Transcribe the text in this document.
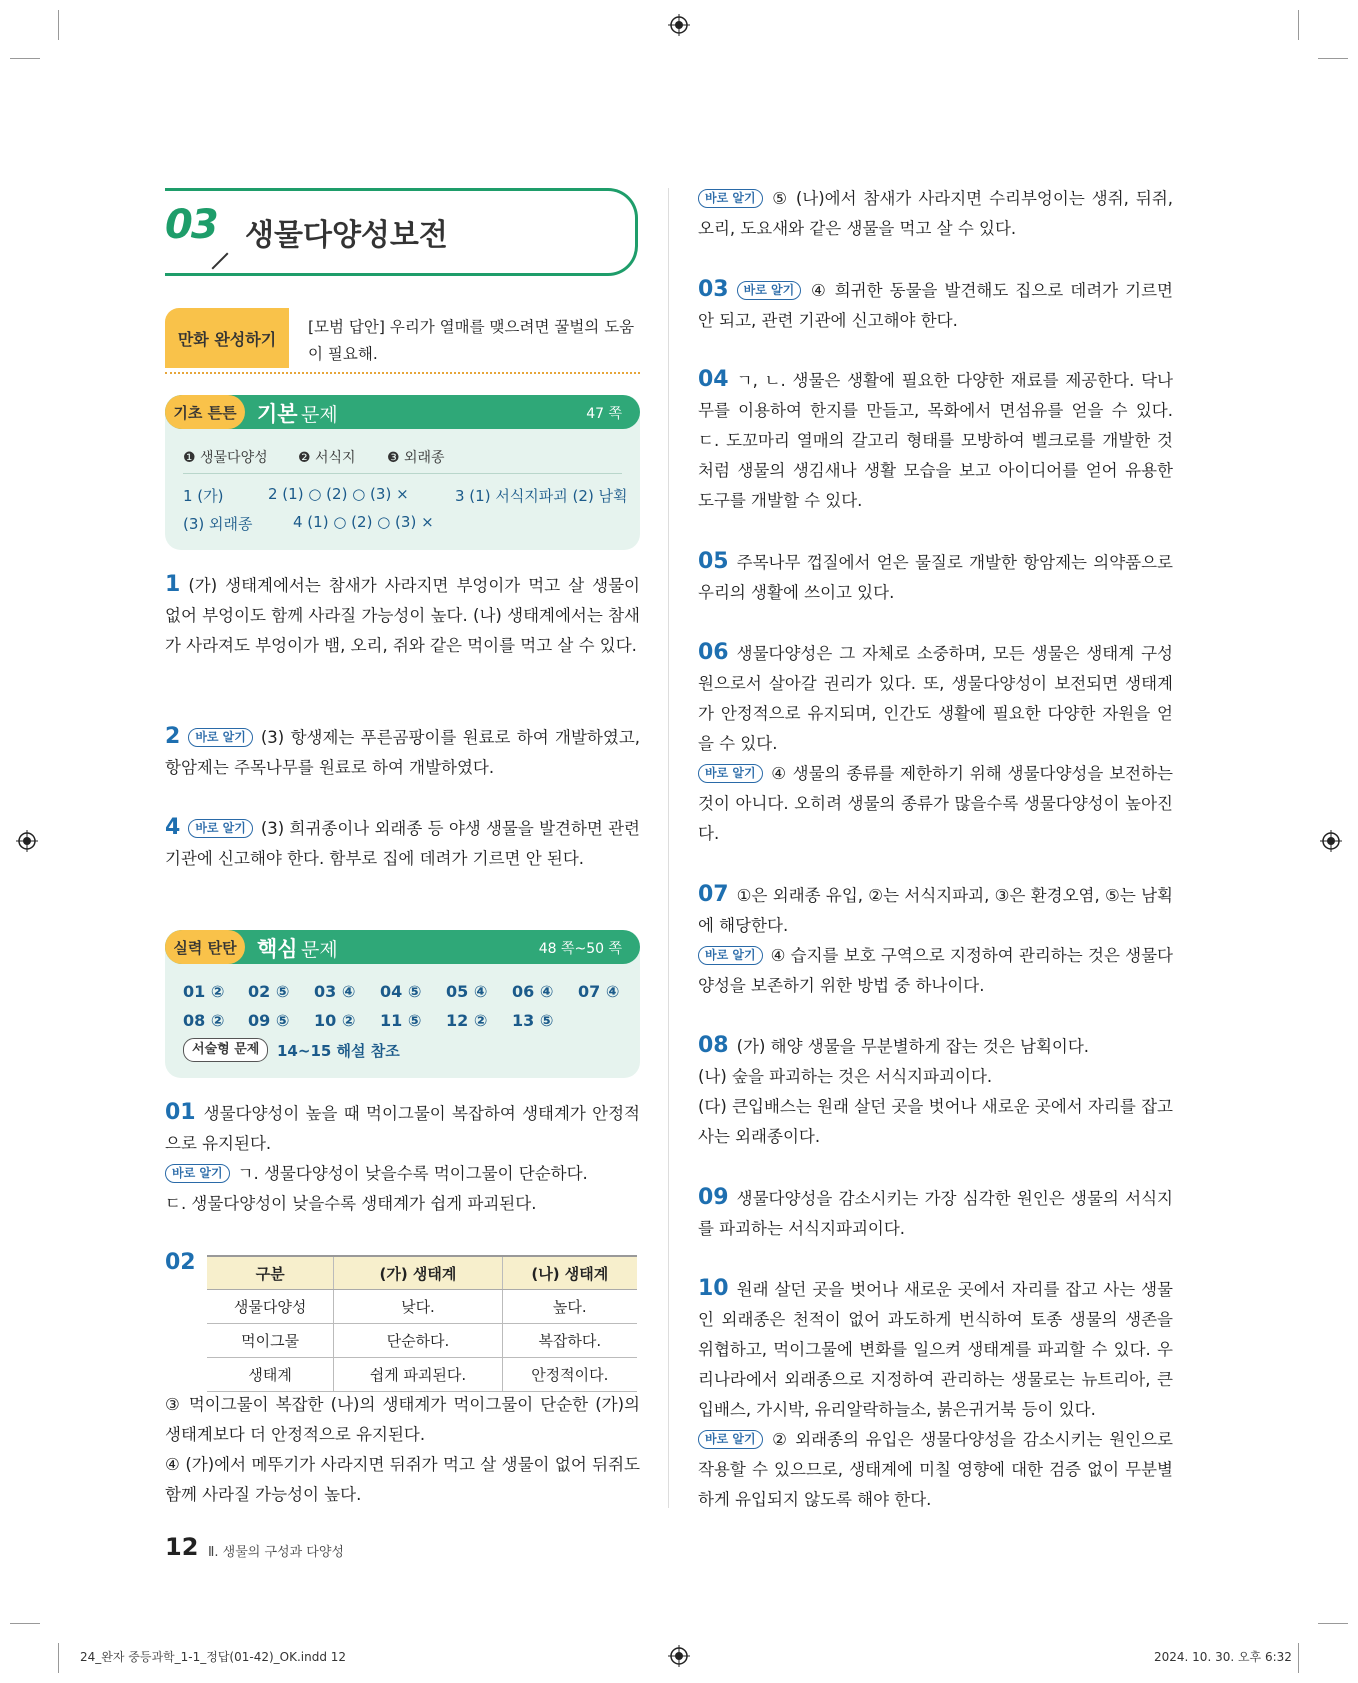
03 생물다양성보전
만화 완성하기
[모범 답안] 우리가 열매를 맺으려면 꿀벌의 도움이 필요해.
기초 튼튼 기본 문제	47 쪽
❶ 생물다양성 ❷ 서식지 ❸ 외래종
1 (가)	2 (1) ○ (2) ○ (3) ×	3 (1) 서식지파괴 (2) 남획
(3) 외래종	4 (1) ○ (2) ○ (3) ×
1 (가) 생태계에서는 참새가 사라지면 부엉이가 먹고 살 생물이 없어 부엉이도 함께 사라질 가능성이 높다. (나) 생태계에서는 참새가 사라져도 부엉이가 뱀, 오리, 쥐와 같은 먹이를 먹고 살 수 있다.
2 바로 알기 (3) 항생제는 푸른곰팡이를 원료로 하여 개발하였고, 항암제는 주목나무를 원료로 하여 개발하였다.
4 바로 알기 (3) 희귀종이나 외래종 등 야생 생물을 발견하면 관련 기관에 신고해야 한다. 함부로 집에 데려가 기르면 안 된다.
실력 탄탄 핵심 문제	48 쪽~50 쪽
01 ② 02 ⑤ 03 ④ 04 ⑤ 05 ④ 06 ④ 07 ④
08 ② 09 ⑤ 10 ② 11 ⑤ 12 ② 13 ⑤
서술형 문제	14~15 해설 참조
01 생물다양성이 높을 때 먹이그물이 복잡하여 생태계가 안정적으로 유지된다.
바로 알기 ㄱ. 생물다양성이 낮을수록 먹이그물이 단순하다.
ㄷ. 생물다양성이 낮을수록 생태계가 쉽게 파괴된다.
02	구분	(가) 생태계	(나) 생태계
생물다양성	낮다.	높다.
먹이그물	단순하다.	복잡하다.
생태계	쉽게 파괴된다.	안정적이다.
③ 먹이그물이 복잡한 (나)의 생태계가 먹이그물이 단순한 (가)의 생태계보다 더 안정적으로 유지된다.
④ (가)에서 메뚜기가 사라지면 뒤쥐가 먹고 살 생물이 없어 뒤쥐도 함께 사라질 가능성이 높다.
바로 알기 ⑤ (나)에서 참새가 사라지면 수리부엉이는 생쥐, 뒤쥐, 오리, 도요새와 같은 생물을 먹고 살 수 있다.
03 바로 알기 ④ 희귀한 동물을 발견해도 집으로 데려가 기르면 안 되고, 관련 기관에 신고해야 한다.
04 ㄱ, ㄴ. 생물은 생활에 필요한 다양한 재료를 제공한다. 닥나무를 이용하여 한지를 만들고, 목화에서 면섬유를 얻을 수 있다. ㄷ. 도꼬마리 열매의 갈고리 형태를 모방하여 벨크로를 개발한 것처럼 생물의 생김새나 생활 모습을 보고 아이디어를 얻어 유용한 도구를 개발할 수 있다.
05 주목나무 껍질에서 얻은 물질로 개발한 항암제는 의약품으로 우리의 생활에 쓰이고 있다.
06 생물다양성은 그 자체로 소중하며, 모든 생물은 생태계 구성원으로서 살아갈 권리가 있다. 또, 생물다양성이 보전되면 생태계가 안정적으로 유지되며, 인간도 생활에 필요한 다양한 자원을 얻을 수 있다.
바로 알기 ④ 생물의 종류를 제한하기 위해 생물다양성을 보전하는 것이 아니다. 오히려 생물의 종류가 많을수록 생물다양성이 높아진다.
07 ①은 외래종 유입, ②는 서식지파괴, ③은 환경오염, ⑤는 남획에 해당한다.
바로 알기 ④ 습지를 보호 구역으로 지정하여 관리하는 것은 생물다양성을 보존하기 위한 방법 중 하나이다.
08 (가) 해양 생물을 무분별하게 잡는 것은 남획이다.
(나) 숲을 파괴하는 것은 서식지파괴이다.
(다) 큰입배스는 원래 살던 곳을 벗어나 새로운 곳에서 자리를 잡고 사는 외래종이다.
09 생물다양성을 감소시키는 가장 심각한 원인은 생물의 서식지를 파괴하는 서식지파괴이다.
10 원래 살던 곳을 벗어나 새로운 곳에서 자리를 잡고 사는 생물인 외래종은 천적이 없어 과도하게 번식하여 토종 생물의 생존을 위협하고, 먹이그물에 변화를 일으켜 생태계를 파괴할 수 있다. 우리나라에서 외래종으로 지정하여 관리하는 생물로는 뉴트리아, 큰입배스, 가시박, 유리알락하늘소, 붉은귀거북 등이 있다.
바로 알기 ② 외래종의 유입은 생물다양성을 감소시키는 원인으로 작용할 수 있으므로, 생태계에 미칠 영향에 대한 검증 없이 무분별하게 유입되지 않도록 해야 한다.
12 Ⅱ. 생물의 구성과 다양성
24_완자 중등과학_1-1_정답(01-42)_OK.indd 12	2024. 10. 30. 오후 6:32
